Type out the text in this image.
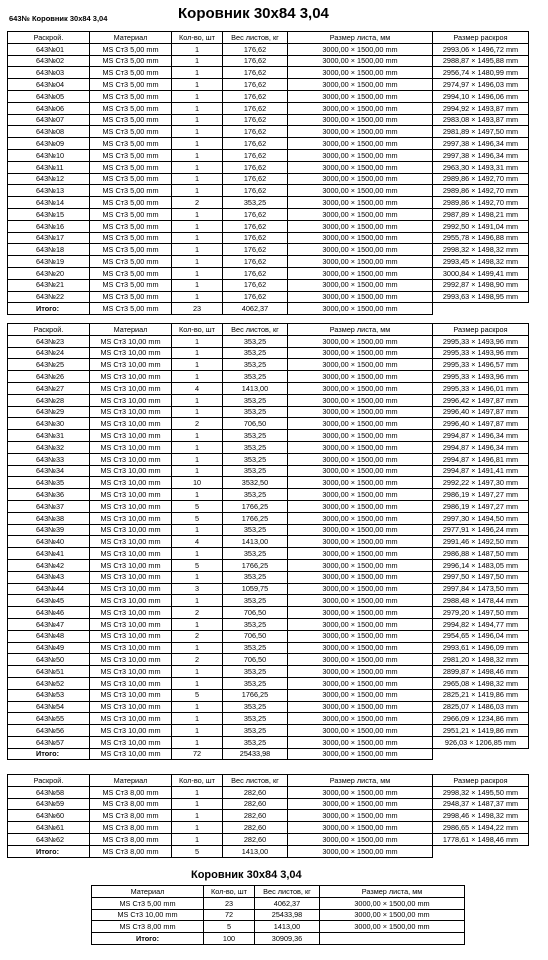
643№ Коровник 30х84 3,04	Коровник 30х84 3,04
Раскрой.	Материал	Кол-во, шт	Вес листов, кг	Размер листа, мм	Размер раскроя
643№01	MS Ст3 5,00 mm	1	176,62	3000,00 × 1500,00 mm	2993,06 × 1496,72 mm
643№02	MS Ст3 5,00 mm	1	176,62	3000,00 × 1500,00 mm	2988,87 × 1495,88 mm
643№03	MS Ст3 5,00 mm	1	176,62	3000,00 × 1500,00 mm	2956,74 × 1480,99 mm
643№04	MS Ст3 5,00 mm	1	176,62	3000,00 × 1500,00 mm	2974,97 × 1496,03 mm
643№05	MS Ст3 5,00 mm	1	176,62	3000,00 × 1500,00 mm	2994,10 × 1496,06 mm
643№06	MS Ст3 5,00 mm	1	176,62	3000,00 × 1500,00 mm	2994,92 × 1493,87 mm
643№07	MS Ст3 5,00 mm	1	176,62	3000,00 × 1500,00 mm	2983,08 × 1493,87 mm
643№08	MS Ст3 5,00 mm	1	176,62	3000,00 × 1500,00 mm	2981,89 × 1497,50 mm
643№09	MS Ст3 5,00 mm	1	176,62	3000,00 × 1500,00 mm	2997,38 × 1496,34 mm
643№10	MS Ст3 5,00 mm	1	176,62	3000,00 × 1500,00 mm	2997,38 × 1496,34 mm
643№11	MS Ст3 5,00 mm	1	176,62	3000,00 × 1500,00 mm	2963,30 × 1493,31 mm
643№12	MS Ст3 5,00 mm	1	176,62	3000,00 × 1500,00 mm	2989,86 × 1492,70 mm
643№13	MS Ст3 5,00 mm	1	176,62	3000,00 × 1500,00 mm	2989,86 × 1492,70 mm
643№14	MS Ст3 5,00 mm	2	353,25	3000,00 × 1500,00 mm	2989,86 × 1492,70 mm
643№15	MS Ст3 5,00 mm	1	176,62	3000,00 × 1500,00 mm	2987,89 × 1498,21 mm
643№16	MS Ст3 5,00 mm	1	176,62	3000,00 × 1500,00 mm	2992,50 × 1491,04 mm
643№17	MS Ст3 5,00 mm	1	176,62	3000,00 × 1500,00 mm	2955,78 × 1496,88 mm
643№18	MS Ст3 5,00 mm	1	176,62	3000,00 × 1500,00 mm	2998,32 × 1498,32 mm
643№19	MS Ст3 5,00 mm	1	176,62	3000,00 × 1500,00 mm	2993,45 × 1498,32 mm
643№20	MS Ст3 5,00 mm	1	176,62	3000,00 × 1500,00 mm	3000,84 × 1499,41 mm
643№21	MS Ст3 5,00 mm	1	176,62	3000,00 × 1500,00 mm	2992,87 × 1498,90 mm
643№22	MS Ст3 5,00 mm	1	176,62	3000,00 × 1500,00 mm	2993,63 × 1498,95 mm
Итого:	MS Ст3 5,00 mm	23	4062,37	3000,00 × 1500,00 mm	
Раскрой.	Материал	Кол-во, шт	Вес листов, кг	Размер листа, мм	Размер раскроя
643№23	MS Ст3 10,00 mm	1	353,25	3000,00 × 1500,00 mm	2995,33 × 1493,96 mm
643№24	MS Ст3 10,00 mm	1	353,25	3000,00 × 1500,00 mm	2995,33 × 1493,96 mm
643№25	MS Ст3 10,00 mm	1	353,25	3000,00 × 1500,00 mm	2995,33 × 1496,57 mm
643№26	MS Ст3 10,00 mm	1	353,25	3000,00 × 1500,00 mm	2995,33 × 1493,96 mm
643№27	MS Ст3 10,00 mm	4	1413,00	3000,00 × 1500,00 mm	2995,33 × 1496,01 mm
643№28	MS Ст3 10,00 mm	1	353,25	3000,00 × 1500,00 mm	2996,42 × 1497,87 mm
643№29	MS Ст3 10,00 mm	1	353,25	3000,00 × 1500,00 mm	2996,40 × 1497,87 mm
643№30	MS Ст3 10,00 mm	2	706,50	3000,00 × 1500,00 mm	2996,40 × 1497,87 mm
643№31	MS Ст3 10,00 mm	1	353,25	3000,00 × 1500,00 mm	2994,87 × 1496,34 mm
643№32	MS Ст3 10,00 mm	1	353,25	3000,00 × 1500,00 mm	2994,87 × 1496,34 mm
643№33	MS Ст3 10,00 mm	1	353,25	3000,00 × 1500,00 mm	2994,87 × 1496,81 mm
643№34	MS Ст3 10,00 mm	1	353,25	3000,00 × 1500,00 mm	2994,87 × 1491,41 mm
643№35	MS Ст3 10,00 mm	10	3532,50	3000,00 × 1500,00 mm	2992,22 × 1497,30 mm
643№36	MS Ст3 10,00 mm	1	353,25	3000,00 × 1500,00 mm	2986,19 × 1497,27 mm
643№37	MS Ст3 10,00 mm	5	1766,25	3000,00 × 1500,00 mm	2986,19 × 1497,27 mm
643№38	MS Ст3 10,00 mm	5	1766,25	3000,00 × 1500,00 mm	2997,30 × 1494,50 mm
643№39	MS Ст3 10,00 mm	1	353,25	3000,00 × 1500,00 mm	2977,91 × 1496,24 mm
643№40	MS Ст3 10,00 mm	4	1413,00	3000,00 × 1500,00 mm	2991,46 × 1492,50 mm
643№41	MS Ст3 10,00 mm	1	353,25	3000,00 × 1500,00 mm	2986,88 × 1487,50 mm
643№42	MS Ст3 10,00 mm	5	1766,25	3000,00 × 1500,00 mm	2996,14 × 1483,05 mm
643№43	MS Ст3 10,00 mm	1	353,25	3000,00 × 1500,00 mm	2997,50 × 1497,50 mm
643№44	MS Ст3 10,00 mm	3	1059,75	3000,00 × 1500,00 mm	2997,84 × 1473,50 mm
643№45	MS Ст3 10,00 mm	1	353,25	3000,00 × 1500,00 mm	2988,48 × 1478,44 mm
643№46	MS Ст3 10,00 mm	2	706,50	3000,00 × 1500,00 mm	2979,20 × 1497,50 mm
643№47	MS Ст3 10,00 mm	1	353,25	3000,00 × 1500,00 mm	2994,82 × 1494,77 mm
643№48	MS Ст3 10,00 mm	2	706,50	3000,00 × 1500,00 mm	2954,65 × 1496,04 mm
643№49	MS Ст3 10,00 mm	1	353,25	3000,00 × 1500,00 mm	2993,61 × 1496,09 mm
643№50	MS Ст3 10,00 mm	2	706,50	3000,00 × 1500,00 mm	2981,20 × 1498,32 mm
643№51	MS Ст3 10,00 mm	1	353,25	3000,00 × 1500,00 mm	2899,87 × 1498,46 mm
643№52	MS Ст3 10,00 mm	1	353,25	3000,00 × 1500,00 mm	2965,08 × 1498,32 mm
643№53	MS Ст3 10,00 mm	5	1766,25	3000,00 × 1500,00 mm	2825,21 × 1419,86 mm
643№54	MS Ст3 10,00 mm	1	353,25	3000,00 × 1500,00 mm	2825,07 × 1486,03 mm
643№55	MS Ст3 10,00 mm	1	353,25	3000,00 × 1500,00 mm	2966,09 × 1234,86 mm
643№56	MS Ст3 10,00 mm	1	353,25	3000,00 × 1500,00 mm	2951,21 × 1419,86 mm
643№57	MS Ст3 10,00 mm	1	353,25	3000,00 × 1500,00 mm	926,03 × 1206,85 mm
Итого:	MS Ст3 10,00 mm	72	25433,98	3000,00 × 1500,00 mm	
Раскрой.	Материал	Кол-во, шт	Вес листов, кг	Размер листа, мм	Размер раскроя
643№58	MS Ст3 8,00 mm	1	282,60	3000,00 × 1500,00 mm	2998,32 × 1495,50 mm
643№59	MS Ст3 8,00 mm	1	282,60	3000,00 × 1500,00 mm	2948,37 × 1487,37 mm
643№60	MS Ст3 8,00 mm	1	282,60	3000,00 × 1500,00 mm	2998,46 × 1498,32 mm
643№61	MS Ст3 8,00 mm	1	282,60	3000,00 × 1500,00 mm	2986,65 × 1494,22 mm
643№62	MS Ст3 8,00 mm	1	282,60	3000,00 × 1500,00 mm	1778,61 × 1498,46 mm
Итого:	MS Ст3 8,00 mm	5	1413,00	3000,00 × 1500,00 mm	
Коровник 30х84 3,04
Материал	Кол-во, шт	Вес листов, кг	Размер листа, мм
MS Ст3 5,00 mm	23	4062,37	3000,00 × 1500,00 mm
MS Ст3 10,00 mm	72	25433,98	3000,00 × 1500,00 mm
MS Ст3 8,00 mm	5	1413,00	3000,00 × 1500,00 mm
Итого:	100	30909,36	
